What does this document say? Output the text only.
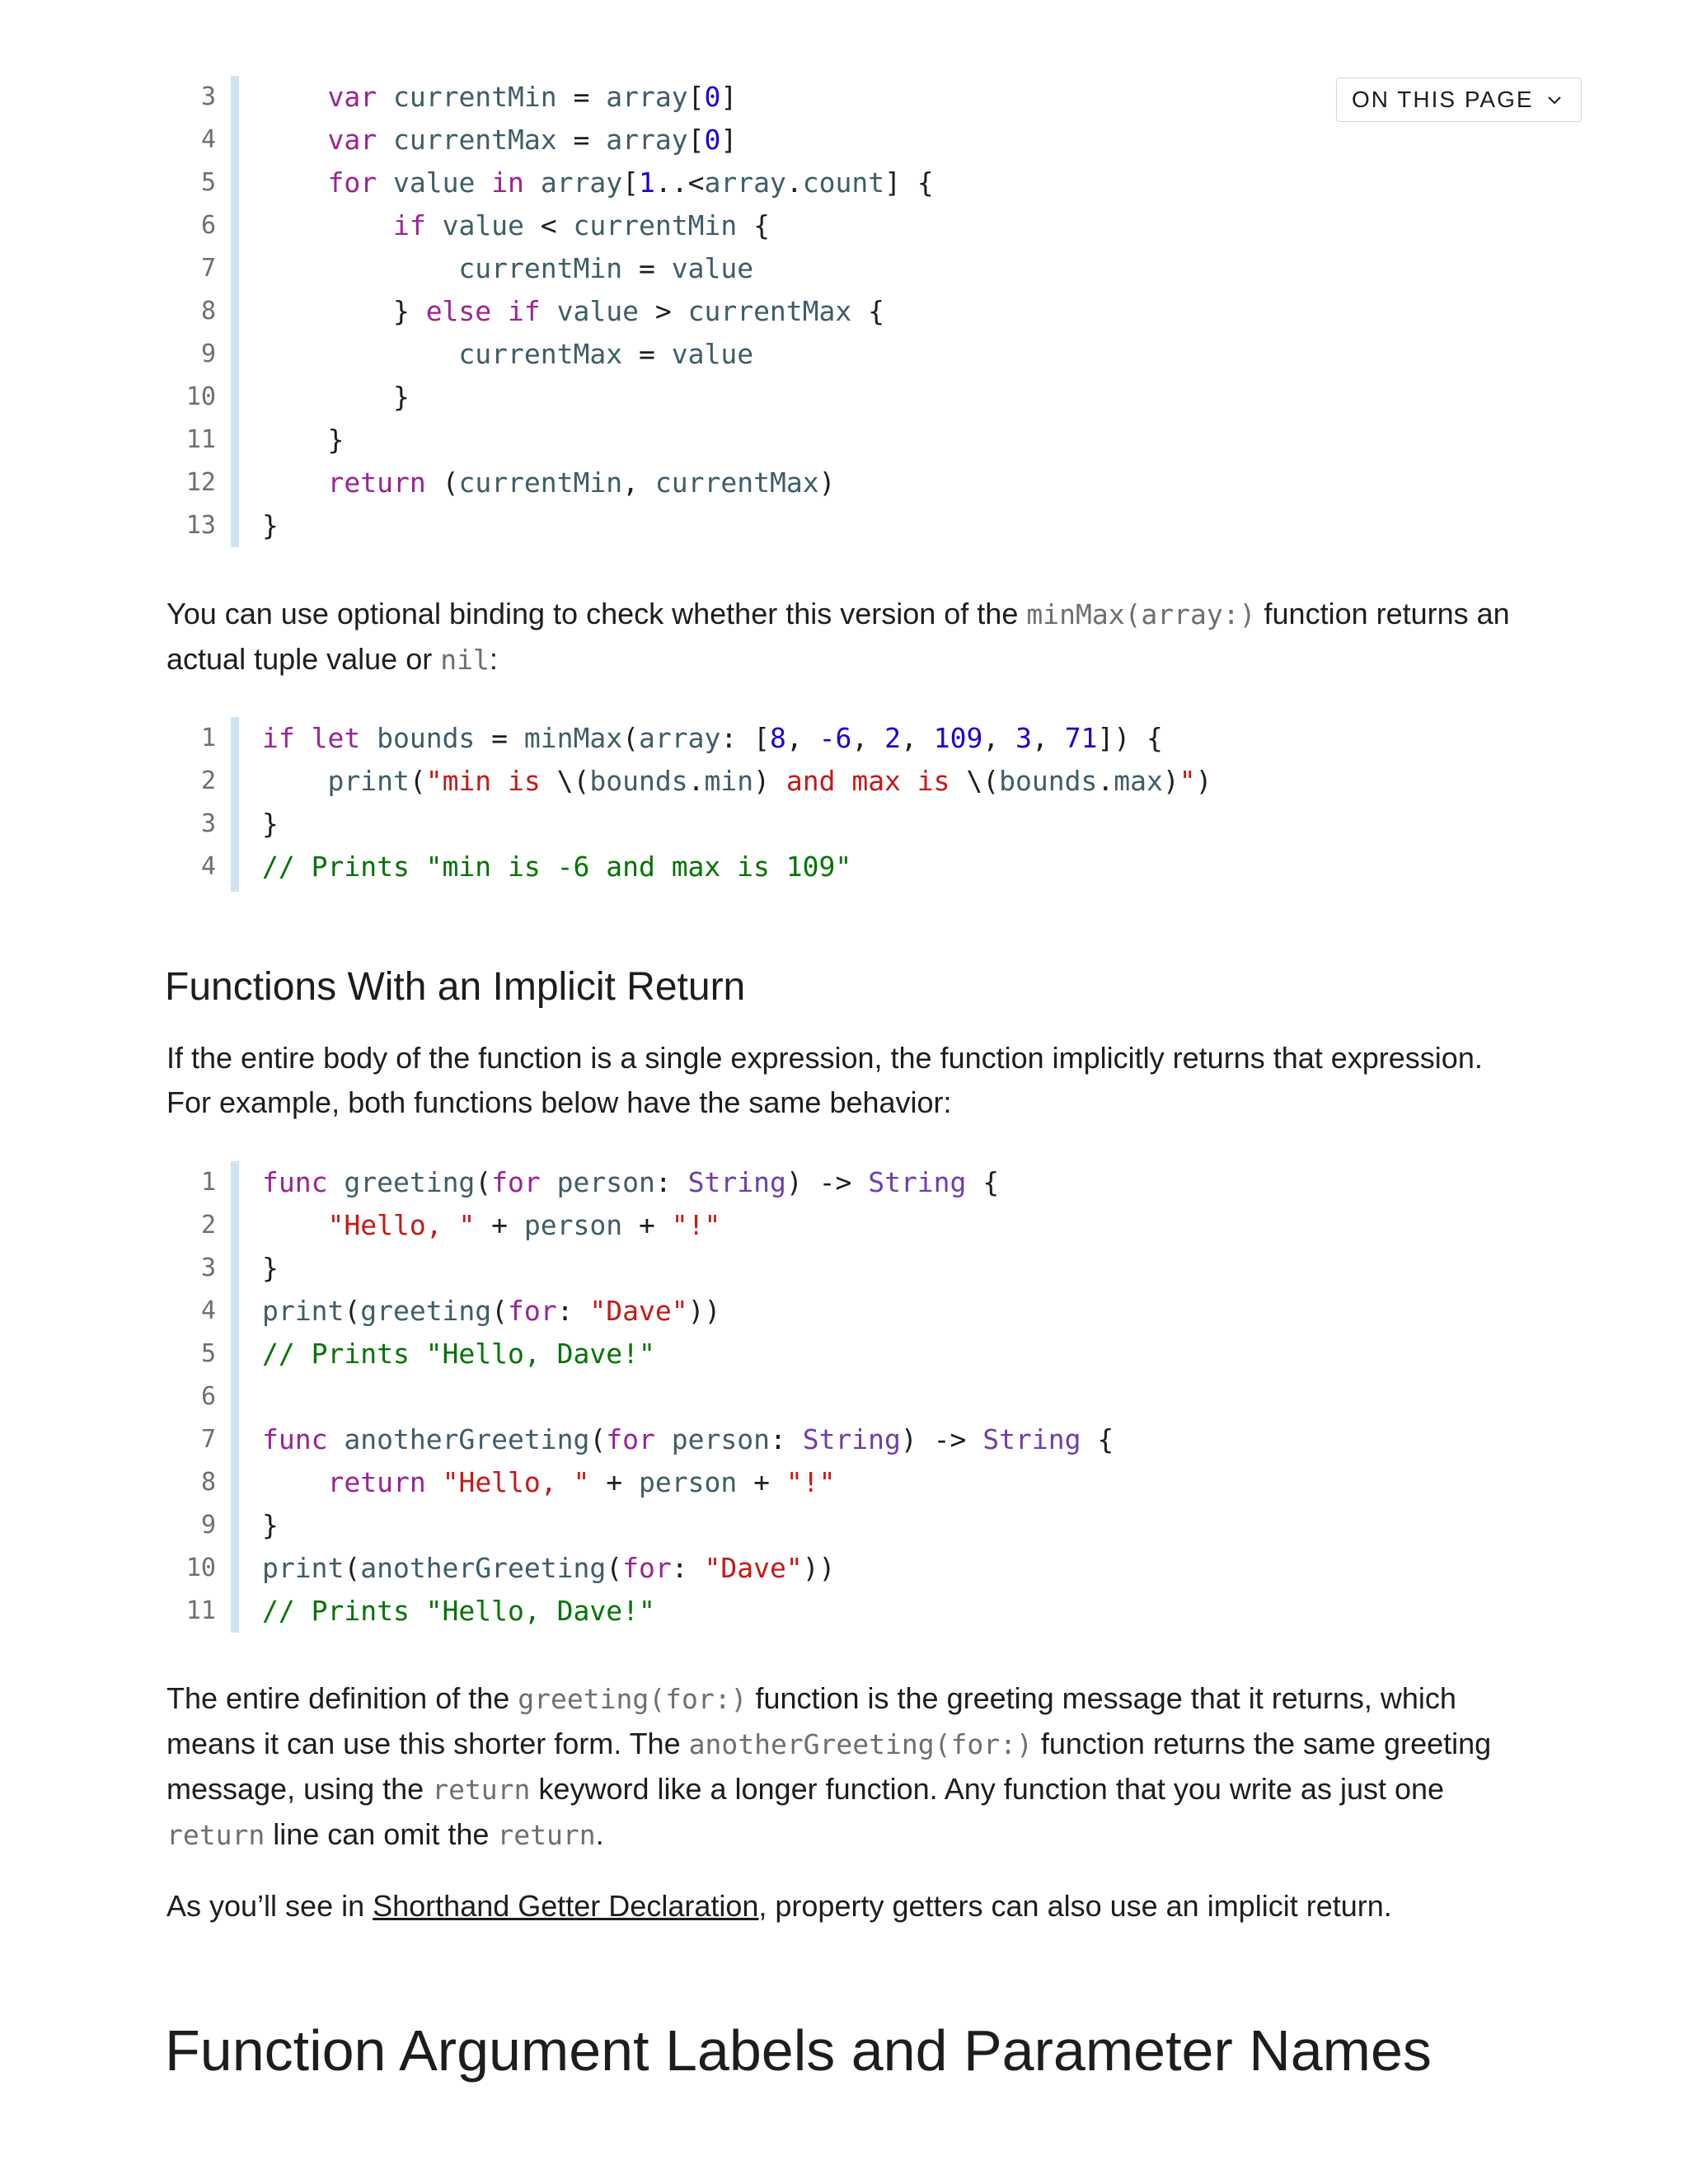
ON THIS PAGE
3	var currentMin = array[0]
4	var currentMax = array[0]
5	for value in array[1..<array.count] {
6	if value < currentMin {
7	currentMin = value
8 } else if value > currentMax {
9	currentMax = value
10 }
11 }
12	return (currentMin, currentMax)
13 }
You can use optional binding to check whether this version of the minMax(array:) function returns an actual tuple value or nil:
1 if let bounds = minMax(array: [8, -6, 2, 109, 3, 71]) {
2	print("min is \(bounds.min) and max is \(bounds.max)")
3 }
4 // Prints "min is -6 and max is 109"
Functions With an Implicit Return
If the entire body of the function is a single expression, the function implicitly returns that expression. For example, both functions below have the same behavior:
1 func greeting(for person: String) -> String {
2	"Hello, " + person + "!"
3 }
4 print(greeting(for: "Dave"))
5 // Prints "Hello, Dave!"
6
7 func anotherGreeting(for person: String) -> String {
8	return "Hello, " + person + "!"
9 }
10 print(anotherGreeting(for: "Dave"))
11 // Prints "Hello, Dave!"
The entire definition of the greeting(for:) function is the greeting message that it returns, which means it can use this shorter form. The anotherGreeting(for:) function returns the same greeting message, using the return keyword like a longer function. Any function that you write as just one return line can omit the return.
As you’ll see in Shorthand Getter Declaration, property getters can also use an implicit return.
Function Argument Labels and Parameter Names
